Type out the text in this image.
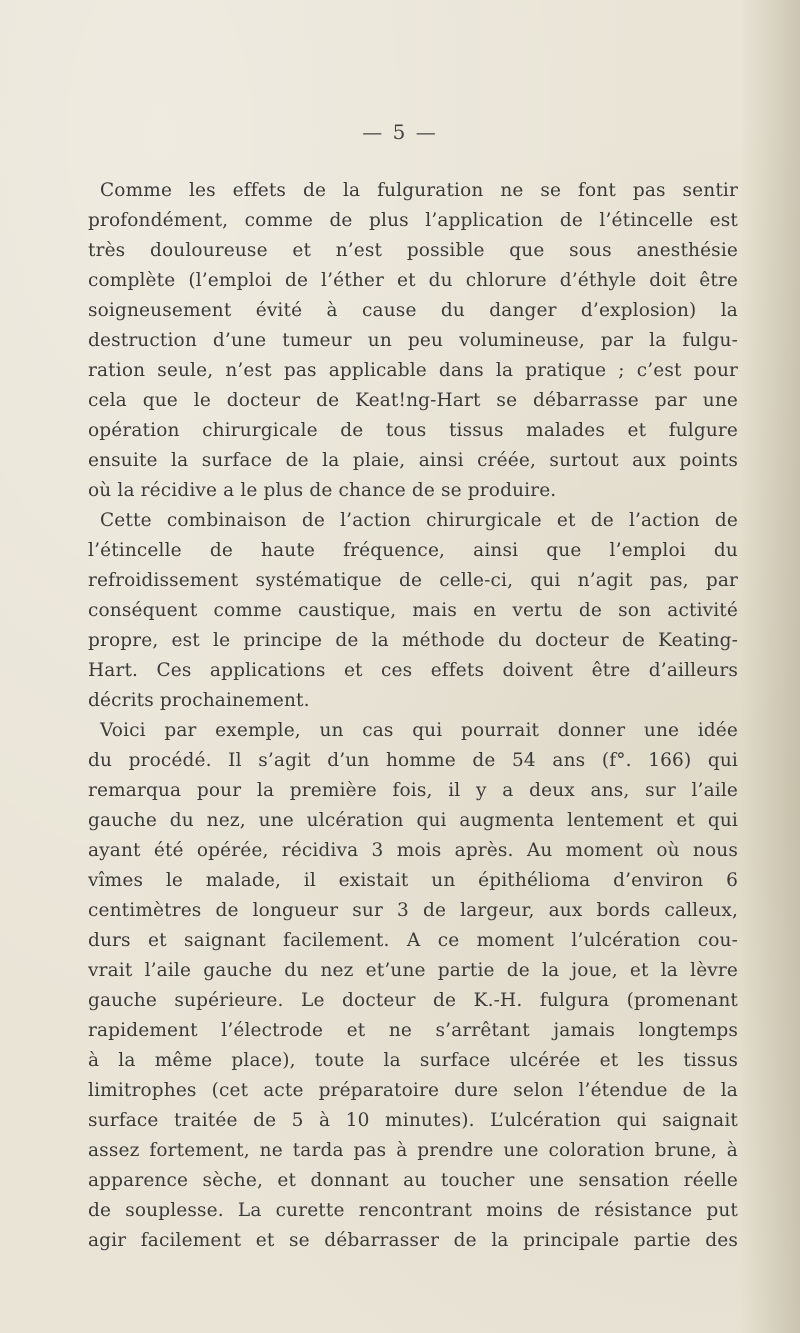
— 5 —
Comme les effets de la fulguration ne se font pas sentir
profondément, comme de plus l’application de l’étincelle est
très douloureuse et n’est possible que sous anesthésie
complète (l’emploi de l’éther et du chlorure d’éthyle doit être
soigneusement évité à cause du danger d’explosion) la
destruction d’une tumeur un peu volumineuse, par la fulgu-
ration seule, n’est pas applicable dans la pratique ; c’est pour
cela que le docteur de Keat!ng-Hart se débarrasse par une
opération chirurgicale de tous tissus malades et fulgure
ensuite la surface de la plaie, ainsi créée, surtout aux points
où la récidive a le plus de chance de se produire.
Cette combinaison de l’action chirurgicale et de l’action de
l’étincelle de haute fréquence, ainsi que l’emploi du
refroidissement systématique de celle-ci, qui n’agit pas, par
conséquent comme caustique, mais en vertu de son activité
propre, est le principe de la méthode du docteur de Keating-
Hart. Ces applications et ces effets doivent être d’ailleurs
décrits prochainement.
Voici par exemple, un cas qui pourrait donner une idée
du procédé. Il s’agit d’un homme de 54 ans (f°. 166) qui
remarqua pour la première fois, il y a deux ans, sur l’aile
gauche du nez, une ulcération qui augmenta lentement et qui
ayant été opérée, récidiva 3 mois après. Au moment où nous
vîmes le malade, il existait un épithélioma d’environ 6
centimètres de longueur sur 3 de largeur, aux bords calleux,
durs et saignant facilement. A ce moment l’ulcération cou-
vrait l’aile gauche du nez et’une partie de la joue, et la lèvre
gauche supérieure. Le docteur de K.-H. fulgura (promenant
rapidement l’électrode et ne s’arrêtant jamais longtemps
à la même place), toute la surface ulcérée et les tissus
limitrophes (cet acte préparatoire dure selon l’étendue de la
surface traitée de 5 à 10 minutes). L’ulcération qui saignait
assez fortement, ne tarda pas à prendre une coloration brune, à
apparence sèche, et donnant au toucher une sensation réelle
de souplesse. La curette rencontrant moins de résistance put
agir facilement et se débarrasser de la principale partie des
